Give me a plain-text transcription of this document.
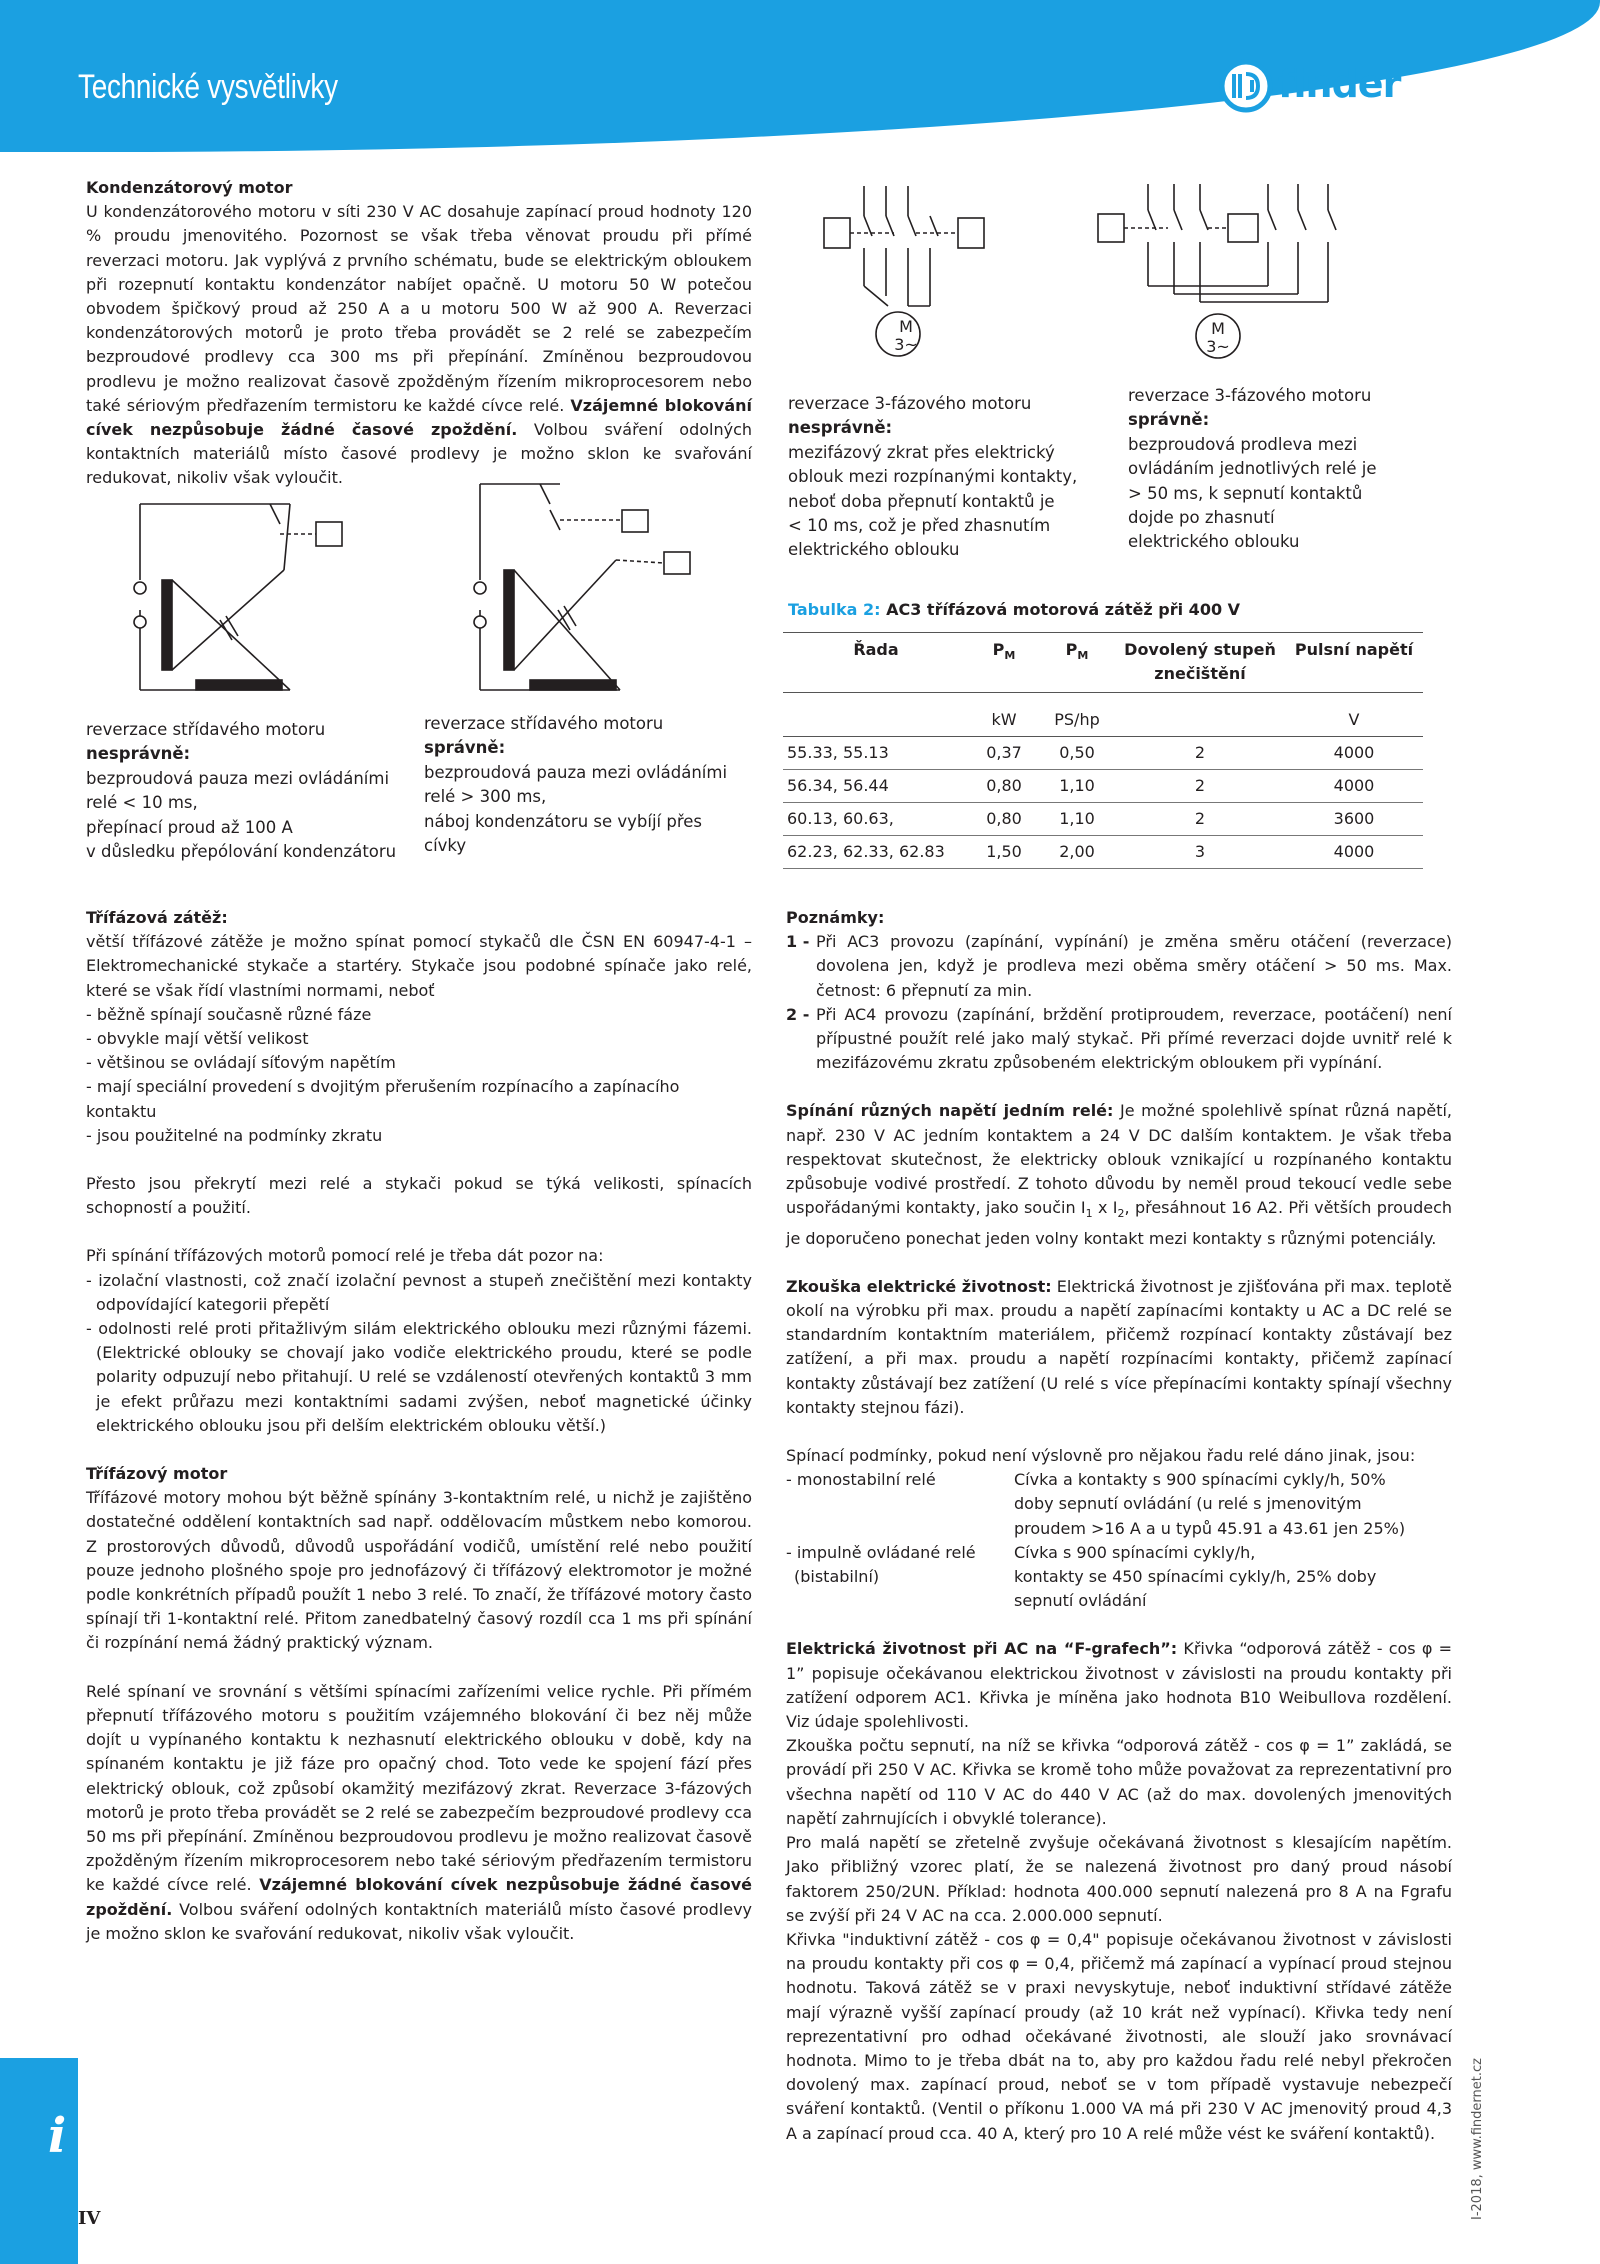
Technické vysvětlivky	finder

Kondenzátorový motor

U kondenzátorového motoru v síti 230 V AC dosahuje zapínací proud hodnoty 120 % proudu jmenovitého. Pozornost se však třeba věnovat proudu při přímé reverzaci motoru. Jak vyplývá z prvního schématu, bude se elektrickým obloukem při rozepnutí kontaktu kondenzátor nabíjet opačně. U motoru 50 W potečou obvodem špičkový proud až 250 A a u motoru 500 W až 900 A. Reverzaci kondenzátorových motorů je proto třeba provádět se 2 relé se zabezpečím bezproudové prodlevy cca 300 ms při přepínání. Zmíněnou bezproudovou prodlevu je možno realizovat časově zpožděným řízením mikroprocesorem nebo také sériovým předřazením termistoru ke každé cívce relé. Vzájemné blokování cívek nezpůsobuje žádné časové zpoždění. Volbou sváření odolných kontaktních materiálů místo časové prodlevy je možno sklon ke svařování redukovat, nikoliv však vyloučit.

M
3~
M
3~
reverzace 3-fázového motoru
nesprávně:
mezifázový zkrat přes elektrický
oblouk mezi rozpínanými kontakty,
neboť doba přepnutí kontaktů je
< 10 ms, což je před zhasnutím
elektrického oblouku
reverzace 3-fázového motoru
správně:
bezproudová prodleva mezi
ovládáním jednotlivých relé je
> 50 ms, k sepnutí kontaktů
dojde po zhasnutí
elektrického oblouku
reverzace střídavého motoru
nesprávně:
bezproudová pauza mezi ovládáními
relé < 10 ms,
přepínací proud až 100 A
v důsledku přepólování kondenzátoru
reverzace střídavého motoru
správně:
bezproudová pauza mezi ovládáními
relé > 300 ms,
náboj kondenzátoru se vybíjí přes
cívky
Tabulka 2: AC3 třífázová motorová zátěž při 400 V
Řada	$P_M$	$P_M$	Dovolený stupeň znečištění	Pulsní napětí
	kW	PS/hp		V
55.33, 55.13	0,37	0,50	2	4000
56.34, 56.44	0,80	1,10	2	4000
60.13, 60.63,	0,80	1,10	2	3600
62.23, 62.33, 62.83	1,50	2,00	3	4000

Třífázová zátěž:

větší třífázové zátěže je možno spínat pomocí stykačů dle ČSN EN 60947-4-1 – Elektromechanické stykače a startéry. Stykače jsou podobné spínače jako relé, které se však řídí vlastními normami, neboť

- běžně spínají současně různé fáze

- obvykle mají větší velikost

- většinou se ovládají síťovým napětím

- mají speciální provedení s dvojitým přerušením rozpínacího a zapínacího kontaktu

- jsou použitelné na podmínky zkratu

Přesto jsou překrytí mezi relé a stykači pokud se týká velikosti, spínacích schopností a použití.

Při spínání třífázových motorů pomocí relé je třeba dát pozor na:

- izolační vlastnosti, což značí izolační pevnost a stupeň znečištění mezi kontakty odpovídající kategorii přepětí

- odolnosti relé proti přitažlivým silám elektrického oblouku mezi různými fázemi. (Elektrické oblouky se chovají jako vodiče elektrického proudu, které se podle polarity odpuzují nebo přitahují. U relé se vzdáleností otevřených kontaktů 3 mm je efekt průřazu mezi kontaktními sadami zvýšen, neboť magnetické účinky elektrického oblouku jsou při delším elektrickém oblouku větší.)

Třífázový motor

Třífázové motory mohou být běžně spínány 3-kontaktním relé, u nichž je zajištěno dostatečné oddělení kontaktních sad např. oddělovacím můstkem nebo komorou. Z prostorových důvodů, důvodů uspořádání vodičů, umístění relé nebo použití pouze jednoho plošného spoje pro jednofázový či třífázový elektromotor je možné podle konkrétních případů použít 1 nebo 3 relé. To značí, že třífázové motory často spínají tři 1-kontaktní relé. Přitom zanedbatelný časový rozdíl cca 1 ms při spínání či rozpínání nemá žádný praktický význam.

Relé spínaní ve srovnání s většími spínacími zařízeními velice rychle. Při přímém přepnutí třífázového motoru s použitím vzájemného blokování či bez něj může dojít u vypínaného kontaktu k nezhasnutí elektrického oblouku v době, kdy na spínaném kontaktu je již fáze pro opačný chod. Toto vede ke spojení fází přes elektrický oblouk, což způsobí okamžitý mezifázový zkrat. Reverzace 3-fázových motorů je proto třeba provádět se 2 relé se zabezpečím bezproudové prodlevy cca 50 ms při přepínání. Zmíněnou bezproudovou prodlevu je možno realizovat časově zpožděným řízením mikroprocesorem nebo také sériovým předřazením termistoru ke každé cívce relé. Vzájemné blokování cívek nezpůsobuje žádné časové zpoždění. Volbou sváření odolných kontaktních materiálů místo časové prodlevy je možno sklon ke svařování redukovat, nikoliv však vyloučit.

Poznámky:

1 - Při AC3 provozu (zapínání, vypínání) je změna směru otáčení (reverzace) dovolena jen, když je prodleva mezi oběma směry otáčení > 50 ms. Max. četnost: 6 přepnutí za min.
2 - Při AC4 provozu (zapínání, brždění protiproudem, reverzace, pootáčení) není přípustné použít relé jako malý stykač. Při přímé reverzaci dojde uvnitř relé k mezifázovému zkratu způsobeném elektrickým obloukem při vypínání.

Spínání různých napětí jedním relé: Je možné spolehlivě spínat různá napětí, např. 230 V AC jedním kontaktem a 24 V DC dalším kontaktem. Je však třeba respektovat skutečnost, že elektricky oblouk vznikající u rozpínaného kontaktu způsobuje vodivé prostředí. Z tohoto důvodu by neměl proud tekoucí vedle sebe uspořádanými kontakty, jako součin $I_1$ x $I_2$, přesáhnout 16 A2. Při větších proudech je doporučeno ponechat jeden volny kontakt mezi kontakty s různými potenciály.

Zkouška elektrické životnost: Elektrická životnost je zjišťována při max. teplotě okolí na výrobku při max. proudu a napětí zapínacími kontakty u AC a DC relé se standardním kontaktním materiálem, přičemž rozpínací kontakty zůstávají bez zatížení, a při max. proudu a napětí rozpínacími kontakty, přičemž zapínací kontakty zůstávají bez zatížení (U relé s více přepínacími kontakty spínají všechny kontakty stejnou fázi).

Spínací podmínky, pokud není výslovně pro nějakou řadu relé dáno jinak, jsou:

- monostabilní relé	Cívka a kontakty s 900 spínacími cykly/h, 50%
doby sepnutí ovládání (u relé s jmenovitým
proudem >16 A a u typů 45.91 a 43.61 jen 25%)
- impulně ovládané relé
(bistabilní)
Cívka s 900 spínacími cykly/h,
kontakty se 450 spínacími cykly/h, 25% doby
sepnutí ovládání

Elektrická životnost při AC na “F-grafech”: Křivka “odporová zátěž - cos φ = 1” popisuje očekávanou elektrickou životnost v závislosti na proudu kontakty při zatížení odporem AC1. Křivka je míněna jako hodnota B10 Weibullova rozdělení. Viz údaje spolehlivosti.

Zkouška počtu sepnutí, na níž se křivka “odporová zátěž - cos φ = 1” zakládá, se provádí při 250 V AC. Křivka se kromě toho může považovat za reprezentativní pro všechna napětí od 110 V AC do 440 V AC (až do max. dovolených jmenovitých napětí zahrnujících i obvyklé tolerance).

Pro malá napětí se zřetelně zvyšuje očekávaná životnost s klesajícím napětím. Jako přibližný vzorec platí, že se nalezená životnost pro daný proud násobí faktorem 250/2UN. Příklad: hodnota 400.000 sepnutí nalezená pro 8 A na Fgrafu se zvýší při 24 V AC na cca. 2.000.000 sepnutí.

Křivka "induktivní zátěž - cos φ = 0,4" popisuje očekávanou životnost v závislosti na proudu kontakty při cos φ = 0,4, přičemž má zapínací a vypínací proud stejnou hodnotu. Taková zátěž se v praxi nevyskytuje, neboť induktivní střídavé zátěže mají výrazně vyšší zapínací proudy (až 10 krát než vypínací). Křivka tedy není reprezentativní pro odhad očekávané životnosti, ale slouží jako srovnávací hodnota. Mimo to je třeba dbát na to, aby pro každou řadu relé nebyl překročen dovolený max. zapínací proud, neboť se v tom případě vystavuje nebezpečí sváření kontaktů. (Ventil o příkonu 1.000 VA má při 230 V AC jmenovitý proud 4,3 A a zapínací proud cca. 40 A, který pro 10 A relé může vést ke sváření kontaktů).

i
IV	I-2018, www.findernet.cz
